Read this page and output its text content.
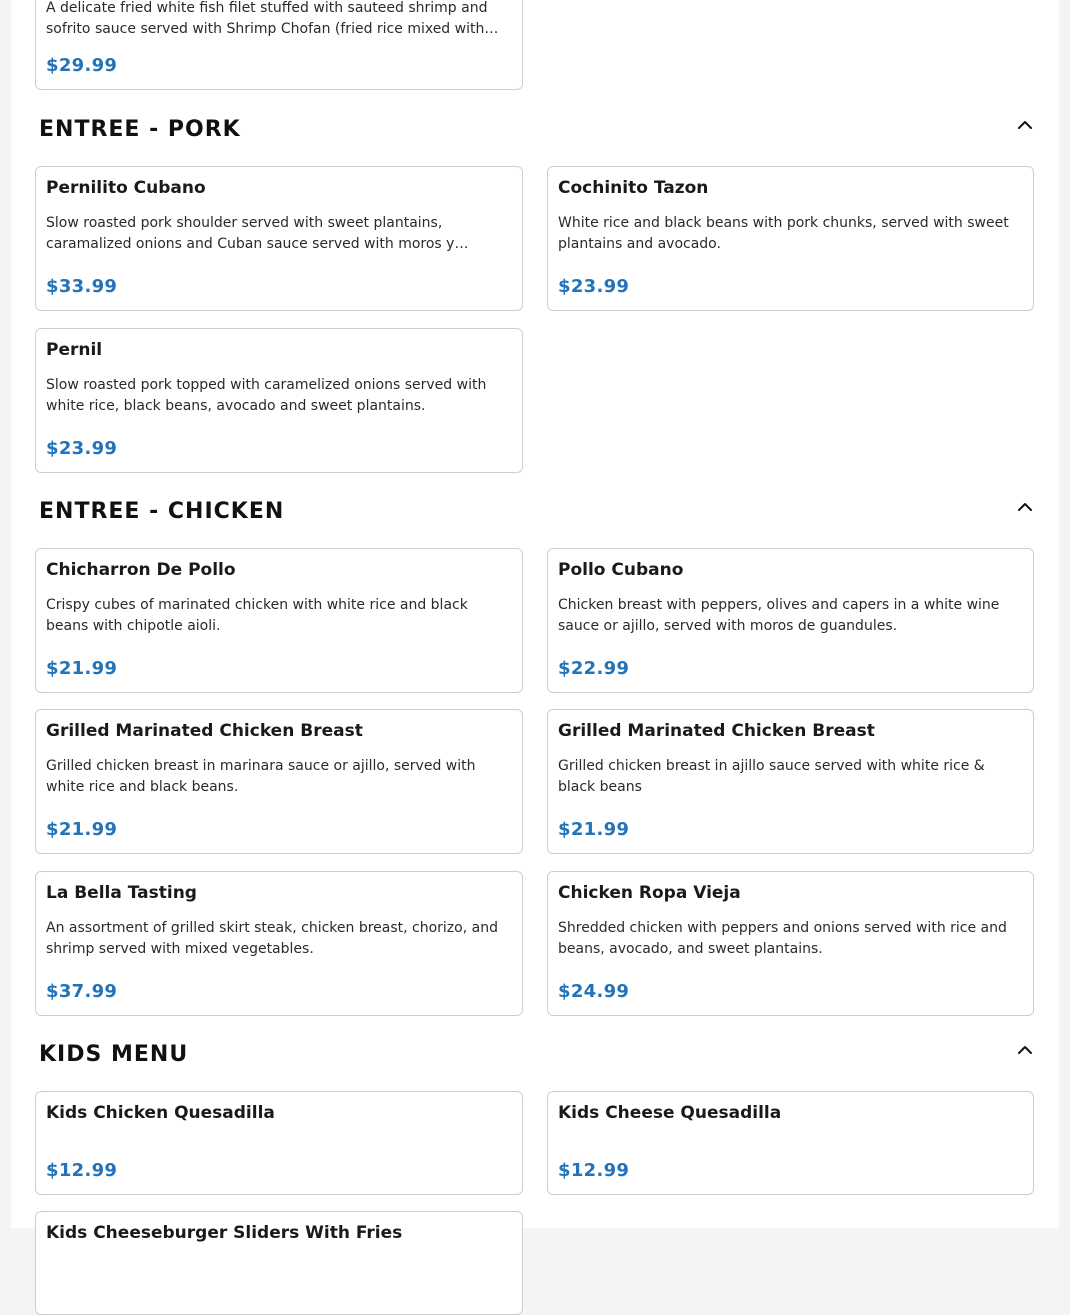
A delicate fried white fish filet stuffed with sauteed shrimp and sofrito sauce served with Shrimp Chofan (fried rice mixed with…
$29.99
ENTREE - PORK
Pernilito Cubano
Slow roasted pork shoulder served with sweet plantains, caramalized onions and Cuban sauce served with moros y…
$33.99
Cochinito Tazon
White rice and black beans with pork chunks, served with sweet plantains and avocado.
$23.99
Pernil
Slow roasted pork topped with caramelized onions served with white rice, black beans, avocado and sweet plantains.
$23.99
ENTREE - CHICKEN
Chicharron De Pollo
Crispy cubes of marinated chicken with white rice and black beans with chipotle aioli.
$21.99
Pollo Cubano
Chicken breast with peppers, olives and capers in a white wine sauce or ajillo, served with moros de guandules.
$22.99
Grilled Marinated Chicken Breast
Grilled chicken breast in marinara sauce or ajillo, served with white rice and black beans.
$21.99
Grilled Marinated Chicken Breast
Grilled chicken breast in ajillo sauce served with white rice & black beans
$21.99
La Bella Tasting
An assortment of grilled skirt steak, chicken breast, chorizo, and shrimp served with mixed vegetables.
$37.99
Chicken Ropa Vieja
Shredded chicken with peppers and onions served with rice and beans, avocado, and sweet plantains.
$24.99
KIDS MENU
Kids Chicken Quesadilla
$12.99
Kids Cheese Quesadilla
$12.99
Kids Cheeseburger Sliders With Fries
